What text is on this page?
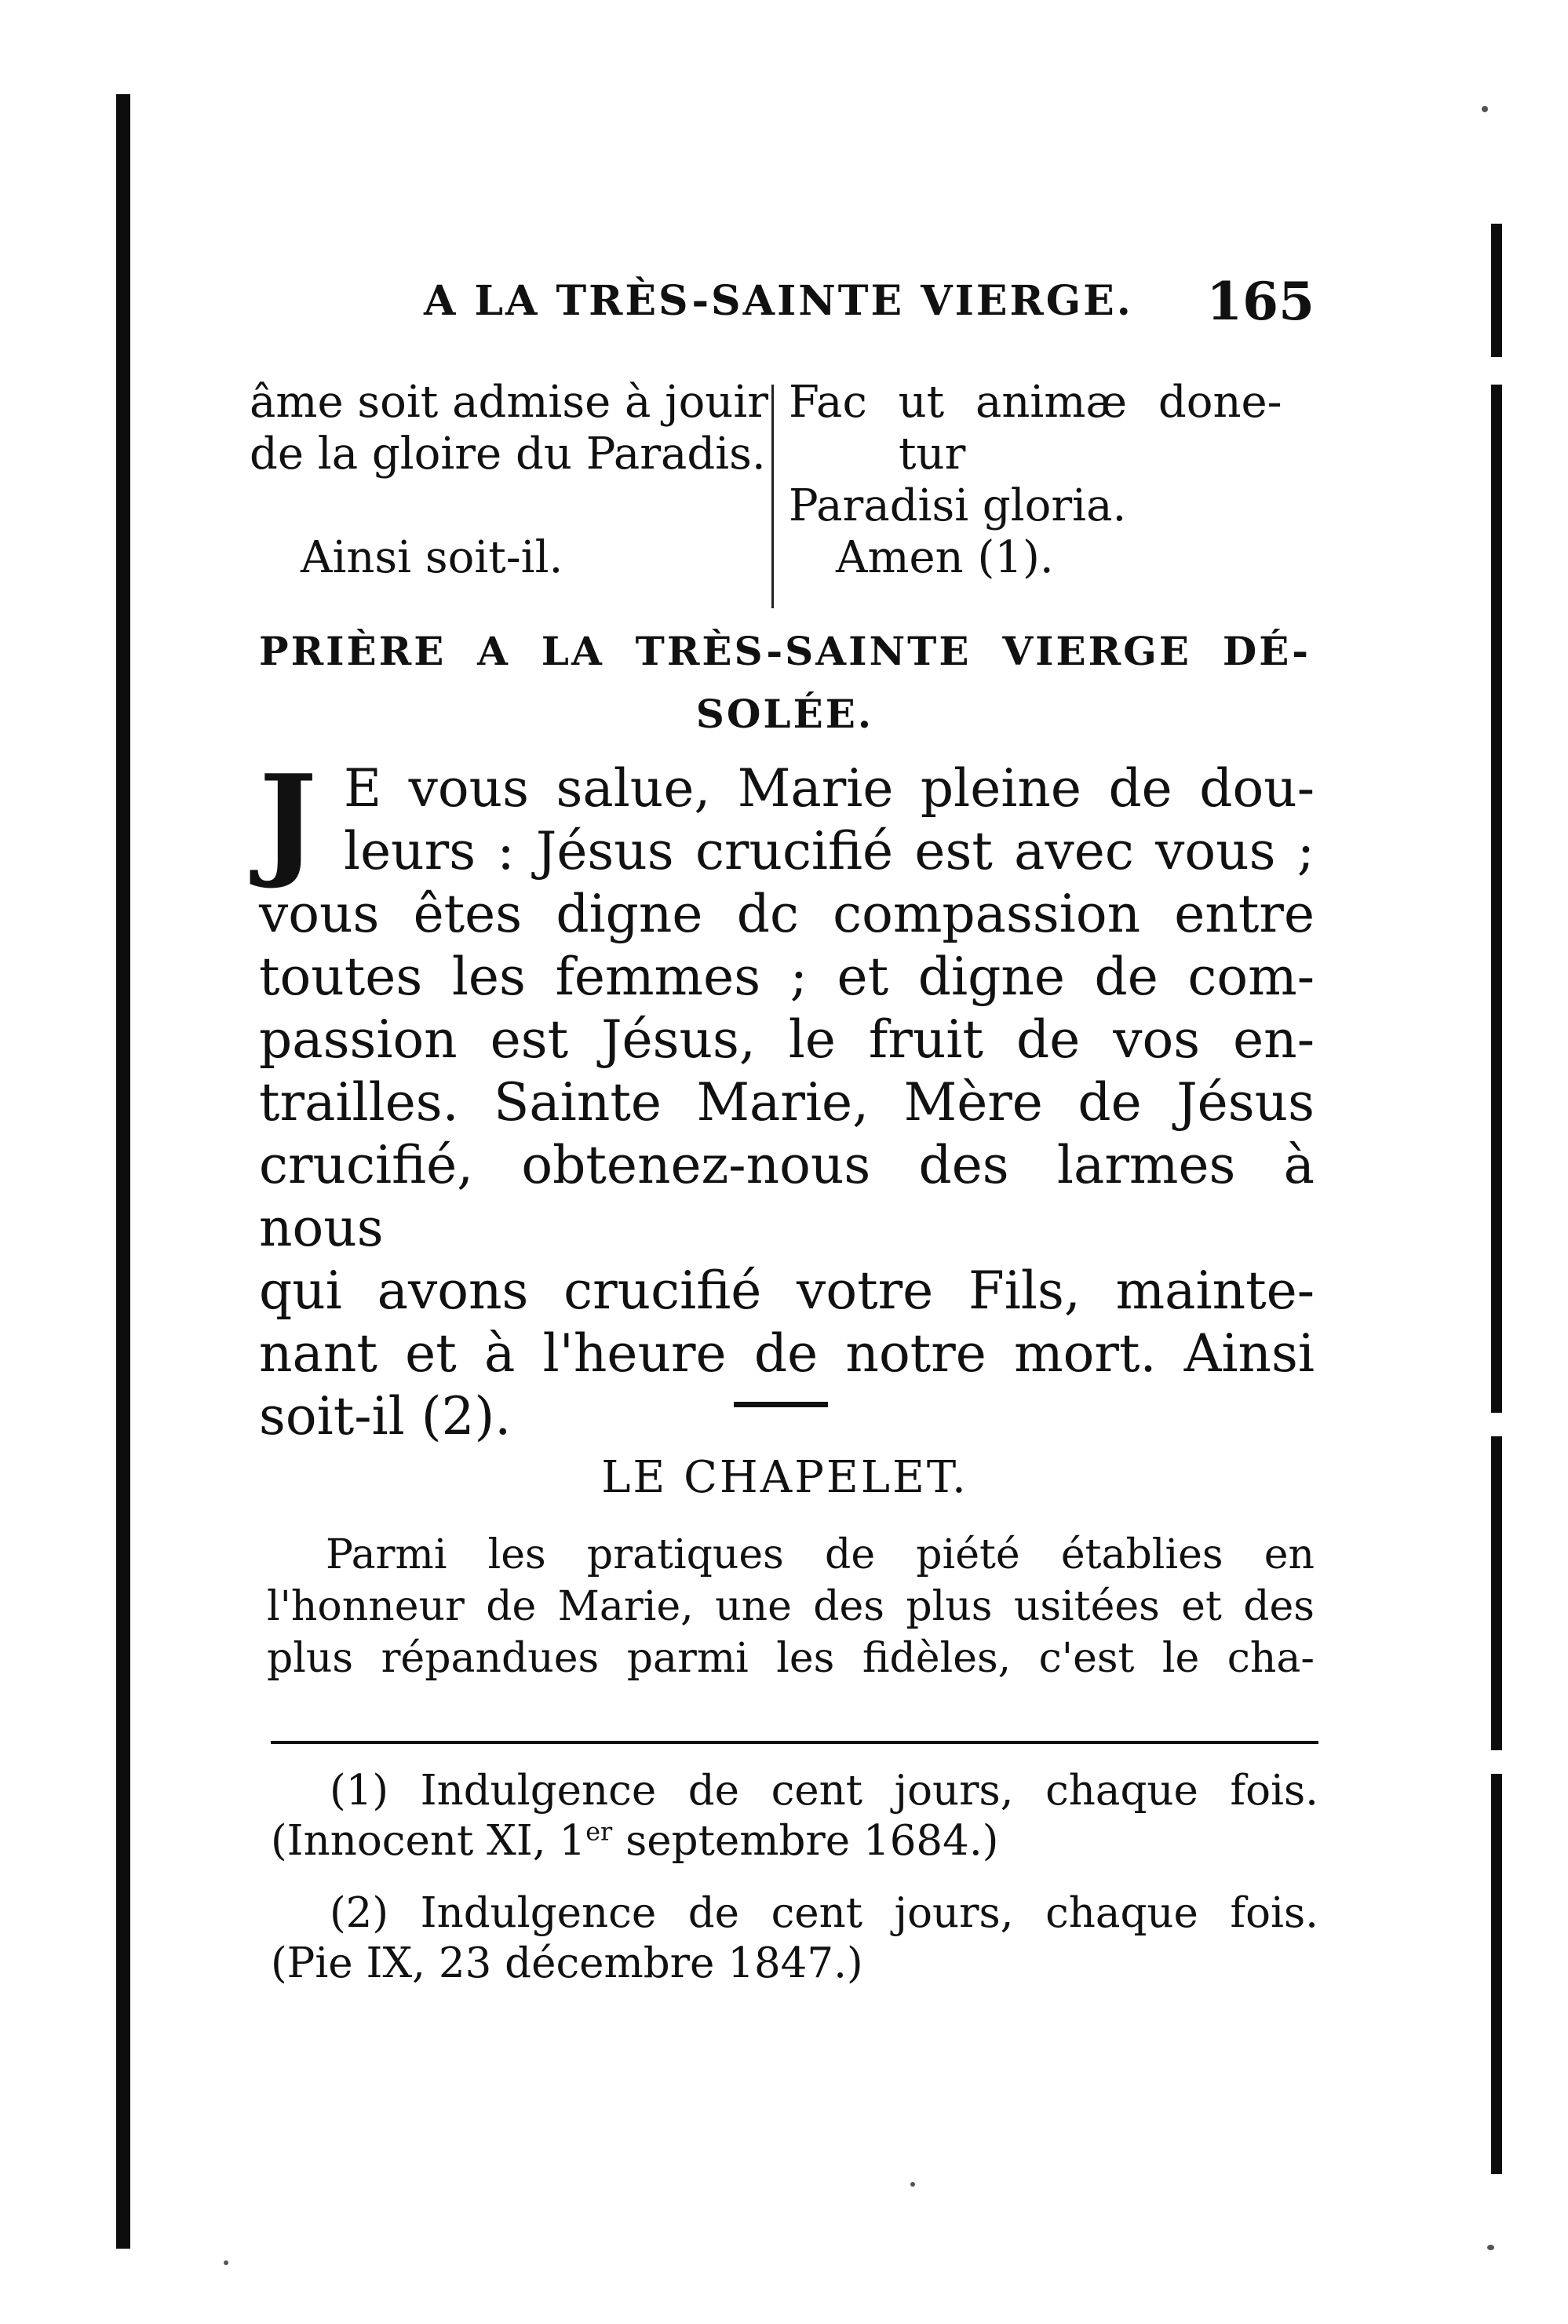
A LA TRÈS-SAINTE VIERGE. 165
âme soit admise à jouir
de la gloire du Paradis.
Ainsi soit-il.
Fac ut animæ done-
tur
Paradisi gloria.
Amen (1).
PRIÈRE A LA TRÈS-SAINTE VIERGE DÉ-
SOLÉE.
J E vous salue, Marie pleine de dou-
leurs : Jésus crucifié est avec vous ;
vous êtes digne dc compassion entre
toutes les femmes ; et digne de com-
passion est Jésus, le fruit de vos en-
trailles. Sainte Marie, Mère de Jésus
crucifié, obtenez-nous des larmes à nous
qui avons crucifié votre Fils, mainte-
nant et à l'heure de notre mort. Ainsi
soit-il (2).
LE CHAPELET.
Parmi les pratiques de piété établies en
l'honneur de Marie, une des plus usitées et des
plus répandues parmi les fidèles, c'est le cha-
(1) Indulgence de cent jours, chaque fois.
(Innocent XI, 1er septembre 1684.)
(2) Indulgence de cent jours, chaque fois.
(Pie IX, 23 décembre 1847.)
